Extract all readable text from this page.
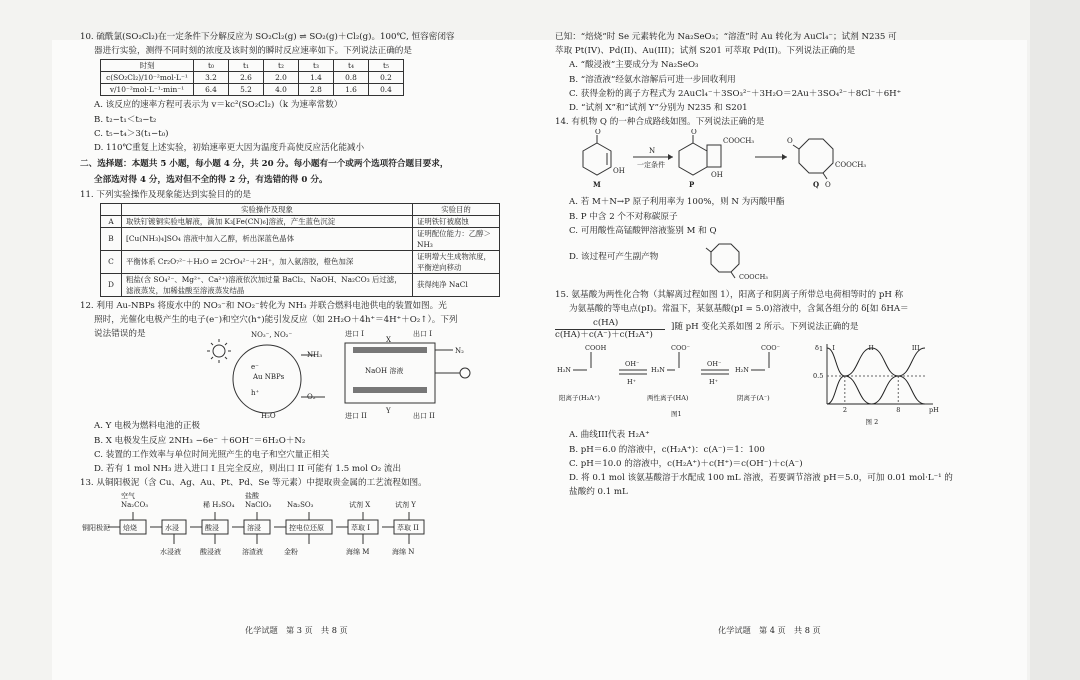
10. 硫酰氯(SO₂Cl₂)在一定条件下分解反应为 SO₂Cl₂(g) ⇌ SO₂(g)＋Cl₂(g)。100℃, 恒容密闭容

器进行实验，测得不同时刻的浓度及该时刻的瞬时反应速率如下。下列说法正确的是

时刻	t₀	t₁	t₂	t₃	t₄	t₅
c(SO₂Cl₂)/10⁻²mol·L⁻¹	3.2	2.6	2.0	1.4	0.8	0.2
v/10⁻²mol·L⁻¹·min⁻¹	6.4	5.2	4.0	2.8	1.6	0.4

A. 该反应的速率方程可表示为 v＝kc²(SO₂Cl₂)（k 为速率常数）

B. t₂−t₁＜t₃−t₂

C. t₅−t₄＞3(t₁−t₀)

D. 110℃重复上述实验，初始速率更大因为温度升高使反应活化能减小

二、选择题：本题共 5 小题，每小题 4 分，共 20 分。每小题有一个或两个选项符合题目要求，

全部选对得 4 分，选对但不全的得 2 分，有选错的得 0 分。

11. 下列实验操作及现象能达到实验目的的是

	实验操作及现象	实验目的
A	取铁钉镀铜实验电解液，滴加 K₃[Fe(CN)₆]溶液，产生蓝色沉淀	证明铁钉被腐蚀
B	[Cu(NH₃)₄]SO₄ 溶液中加入乙醇，析出深蓝色晶体	证明配位能力：乙醇＞NH₃
C	平衡体系 Cr₂O₇²⁻＋H₂O ⇌ 2CrO₄²⁻＋2H⁺，加入氨溶胶，橙色加深	证明增大生成物浓度，平衡逆向移动
D	粗盐(含 SO₄²⁻、Mg²⁺、Ca²⁺)溶液依次加过量 BaCl₂、NaOH、Na₂CO₃ 后过滤，滤液蒸发，加稀盐酸至溶液蒸发结晶	获得纯净 NaCl

12. 利用 Au-NBPs 将废水中的 NO₃⁻和 NO₂⁻转化为 NH₃ 并联合燃料电池供电的装置如图。光

照时，光催化电极产生的电子(e⁻)和空穴(h⁺)能引发反应（如 2H₂O＋4h⁺＝4H⁺＋O₂↑）。下列

说法错误的是	NO₃⁻, NO₂⁻
NH₃
Au NBPs
e⁻
h⁺
H₂O
O₂
NaOH 溶液
X
Y
进口 I	出口 I
进口 II	出口 II
N₂

A. Y 电极为燃料电池的正极

B. X 电极发生反应 2NH₃ −6e⁻ ＋6OH⁻＝6H₂O＋N₂

C. 装置的工作效率与单位时间光照产生的电子和空穴量正相关

D. 若有 1 mol NH₃ 进入进口 I 且完全反应，则出口 II 可能有 1.5 mol O₂ 流出

13. 从铜阳极泥（含 Cu、Ag、Au、Pt、Pd、Se 等元素）中提取贵金属的工艺流程如图。

铜阳极泥 焙烧
空气
Na₂CO₃
水浸
水浸液
酸浸
稀 H₂SO₄
酸浸液
溶浸
盐酸
NaClO₃
溶渣液
控电位还原
Na₂SO₃
金粉
萃取 I
试剂 X
海绵 M
萃取 II
试剂 Y
海绵 N
化学试题　第 3 页　共 8 页

已知：“焙烧”时 Se 元素转化为 Na₂SeO₃；“溶渣”时 Au 转化为 AuCl₄⁻；试剂 N235 可

萃取 Pt(IV)、Pd(II)、Au(III)；试剂 S201 可萃取 Pd(II)。下列说法正确的是

A. “酸浸液”主要成分为 Na₂SeO₃

B. “溶渣液”经氨水溶解后可进一步回收利用

C. 获得金粉的离子方程式为 2AuCl₄⁻＋3SO₃²⁻＋3H₂O＝2Au＋3SO₄²⁻＋8Cl⁻＋6H⁺

D. “试剂 X”和“试剂 Y”分别为 N235 和 S201

14. 有机物 Q 的一种合成路线如图。下列说法正确的是

O
OH
M
N
一定条件
O
COOCH₃
OH
P
O
O
COOCH₃
Q

A. 若 M＋N→P 原子利用率为 100%，则 N 为丙酸甲酯

B. P 中含 2 个不对称碳原子

C. 可用酸性高锰酸钾溶液鉴别 M 和 Q

D. 该过程可产生副产物

COOCH₃

15. 氨基酸为两性化合物（其解离过程如图 1），阳离子和阴离子所带总电荷相等时的 pH 称

为氨基酸的等电点(pI)。常温下，某氨基酸(pI = 5.0)溶液中，含氮各组分的 δ[如 δHA＝

c(HA)
c(HA)＋c(A⁻)＋c(H₂A⁺)
]随 pH 变化关系如图 2 所示。下列说法正确的是
COOH
H₃N
OH⁻
H⁺
COO⁻
H₃N
OH⁻
H⁺
COO⁻
H₂N
阳离子(H₂A⁺)	两性离子(HA)	阴离子(A⁻)
图1
δ 1
0.5
pH
2	8
I	II	III
图 2

A. 曲线III代表 H₂A⁺

B. pH＝6.0 的溶液中，c(H₂A⁺)：c(A⁻)＝1：100

C. pH＝10.0 的溶液中，c(H₂A⁺)＋c(H⁺)＝c(OH⁻)＋c(A⁻)

D. 将 0.1 mol 该氨基酸溶于水配成 100 mL 溶液，若要调节溶液 pH＝5.0，可加 0.01 mol·L⁻¹ 的

盐酸约 0.1 mL

化学试题　第 4 页　共 8 页
